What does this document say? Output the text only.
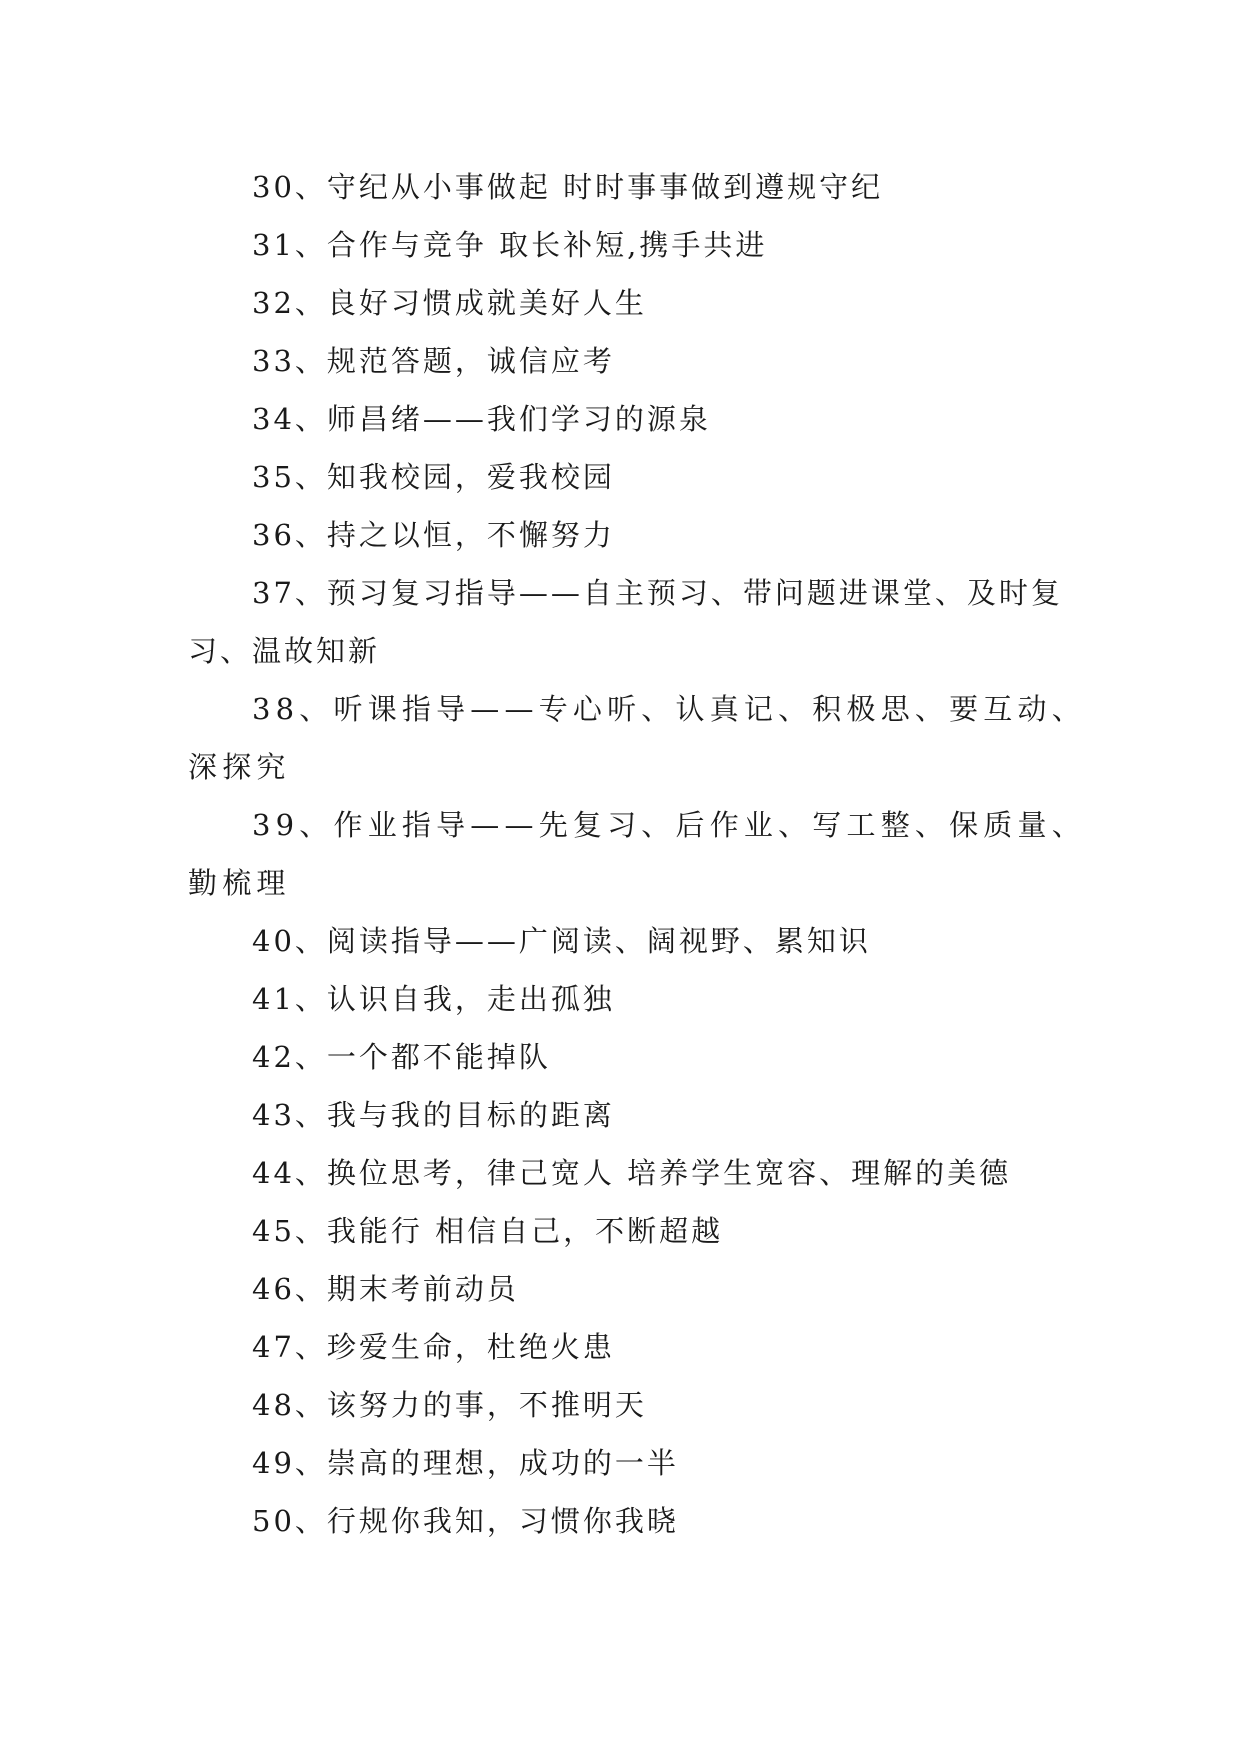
30、守纪从小事做起 时时事事做到遵规守纪

31、合作与竞争 取长补短,携手共进

32、良好习惯成就美好人生

33、规范答题，诚信应考

34、师昌绪——我们学习的源泉

35、知我校园，爱我校园

36、持之以恒，不懈努力

37、预习复习指导——自主预习、带问题进课堂、及时复习、温故知新

38、听课指导——专心听、认真记、积极思、要互动、深探究

39、作业指导——先复习、后作业、写工整、保质量、勤梳理

40、阅读指导——广阅读、阔视野、累知识

41、认识自我，走出孤独

42、一个都不能掉队

43、我与我的目标的距离

44、换位思考，律己宽人 培养学生宽容、理解的美德

45、我能行 相信自己，不断超越

46、期末考前动员

47、珍爱生命，杜绝火患

48、该努力的事，不推明天

49、崇高的理想，成功的一半

50、行规你我知，习惯你我晓
